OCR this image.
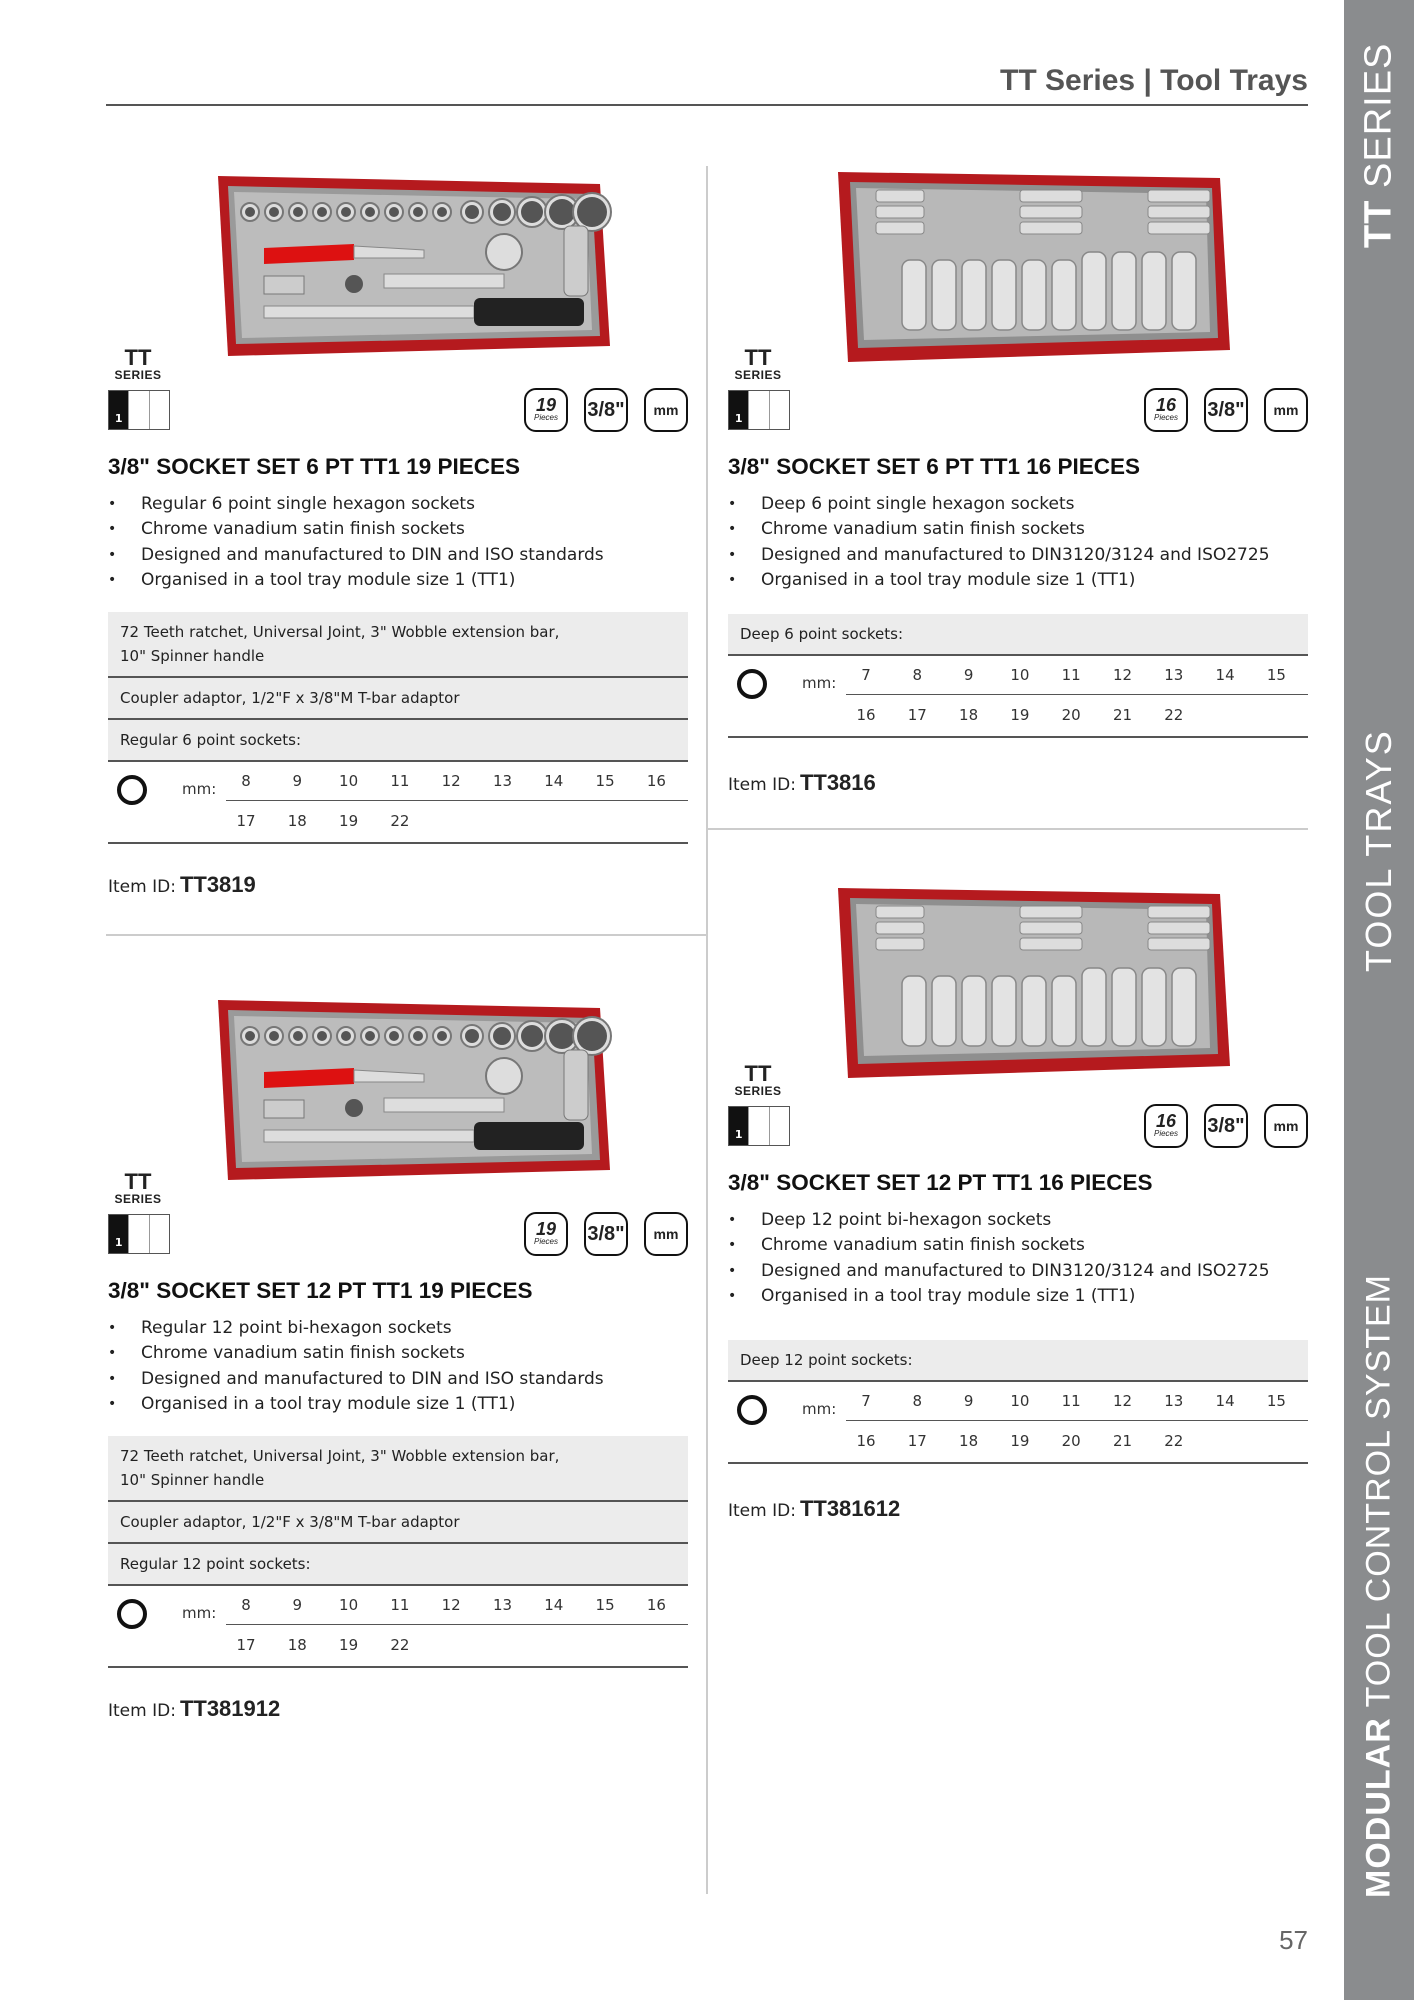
TT Series | Tool Trays
TT SERIES
TOOL TRAYS
MODULAR TOOL CONTROL SYSTEM
TT
SERIES
1
19
Pieces 3/8" mm
3/8" SOCKET SET 6 PT TT1 19 PIECES
• Regular 6 point single hexagon sockets
• Chrome vanadium satin finish sockets
• Designed and manufactured to DIN and ISO standards
• Organised in a tool tray module size 1 (TT1)
72 Teeth ratchet, Universal Joint, 3" Wobble extension bar, 10" Spinner handle
Coupler adaptor, 1/2"F x 3/8"M T-bar adaptor
Regular 6 point sockets:
mm:	8	9	10	11	12	13	14	15	16
17	18	19	22
Item ID: TT3819
TT
SERIES
1
16
Pieces 3/8" mm
3/8" SOCKET SET 6 PT TT1 16 PIECES
• Deep 6 point single hexagon sockets
• Chrome vanadium satin finish sockets
• Designed and manufactured to DIN3120/3124 and ISO2725
• Organised in a tool tray module size 1 (TT1)
Deep 6 point sockets:
mm:	7	8	9	10	11	12	13	14	15
16	17	18	19	20	21	22
Item ID: TT3816
TT
SERIES
1
19
Pieces 3/8" mm
3/8" SOCKET SET 12 PT TT1 19 PIECES
• Regular 12 point bi-hexagon sockets
• Chrome vanadium satin finish sockets
• Designed and manufactured to DIN and ISO standards
• Organised in a tool tray module size 1 (TT1)
72 Teeth ratchet, Universal Joint, 3" Wobble extension bar, 10" Spinner handle
Coupler adaptor, 1/2"F x 3/8"M T-bar adaptor
Regular 12 point sockets:
mm:	8	9	10	11	12	13	14	15	16
17	18	19	22
Item ID: TT381912
TT
SERIES
1
16
Pieces 3/8" mm
3/8" SOCKET SET 12 PT TT1 16 PIECES
• Deep 12 point bi-hexagon sockets
• Chrome vanadium satin finish sockets
• Designed and manufactured to DIN3120/3124 and ISO2725
• Organised in a tool tray module size 1 (TT1)
Deep 12 point sockets:
mm:	7	8	9	10	11	12	13	14	15
16	17	18	19	20	21	22
Item ID: TT381612
57
